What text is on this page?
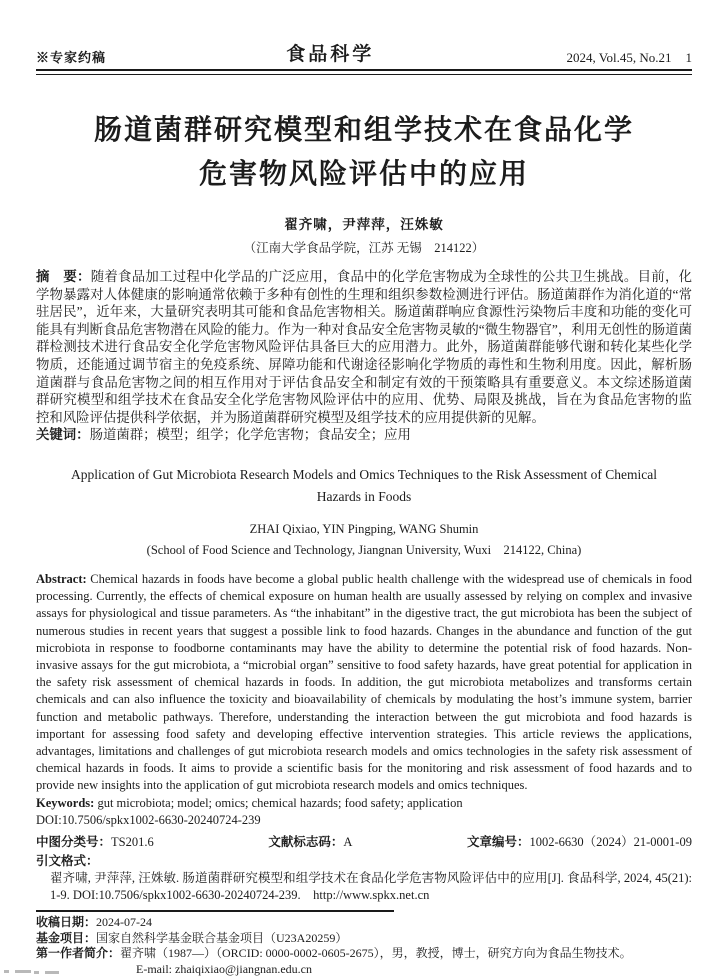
※专家约稿	食品科学	2024, Vol.45, No.21 1
肠道菌群研究模型和组学技术在食品化学
危害物风险评估中的应用
翟齐啸，尹萍萍，汪姝敏
（江南大学食品学院，江苏 无锡　214122）

摘　要：随着食品加工过程中化学品的广泛应用，食品中的化学危害物成为全球性的公共卫生挑战。目前，化学物暴露对人体健康的影响通常依赖于多种有创性的生理和组织参数检测进行评估。肠道菌群作为消化道的“常驻居民”，近年来，大量研究表明其可能和食品危害物相关。肠道菌群响应食源性污染物后丰度和功能的变化可能具有判断食品危害物潜在风险的能力。作为一种对食品安全危害物灵敏的“微生物器官”，利用无创性的肠道菌群检测技术进行食品安全化学危害物风险评估具备巨大的应用潜力。此外，肠道菌群能够代谢和转化某些化学物质，还能通过调节宿主的免疫系统、屏障功能和代谢途径影响化学物质的毒性和生物利用度。因此，解析肠道菌群与食品危害物之间的相互作用对于评估食品安全和制定有效的干预策略具有重要意义。本文综述肠道菌群研究模型和组学技术在食品安全化学危害物风险评估中的应用、优势、局限及挑战，旨在为食品危害物的监控和风险评估提供科学依据，并为肠道菌群研究模型及组学技术的应用提供新的见解。

关键词：肠道菌群；模型；组学；化学危害物；食品安全；应用

Application of Gut Microbiota Research Models and Omics Techniques to the Risk Assessment of Chemical Hazards in Foods
ZHAI Qixiao, YIN Pingping, WANG Shumin
(School of Food Science and Technology, Jiangnan University, Wuxi　214122, China)

Abstract: Chemical hazards in foods have become a global public health challenge with the widespread use of chemicals in food processing. Currently, the effects of chemical exposure on human health are usually assessed by relying on complex and invasive assays for physiological and tissue parameters. As “the inhabitant” in the digestive tract, the gut microbiota has been the subject of numerous studies in recent years that suggest a possible link to food hazards. Changes in the abundance and function of the gut microbiota in response to foodborne contaminants may have the ability to determine the potential risk of food hazards. Non-invasive assays for the gut microbiota, a “microbial organ” sensitive to food safety hazards, have great potential for application in the safety risk assessment of chemical hazards in foods. In addition, the gut microbiota metabolizes and transforms certain chemicals and can also influence the toxicity and bioavailability of chemicals by modulating the host’s immune system, barrier function and metabolic pathways. Therefore, understanding the interaction between the gut microbiota and food hazards is important for assessing food safety and developing effective intervention strategies. This article reviews the applications, advantages, limitations and challenges of gut microbiota research models and omics technologies in the safety risk assessment of chemical hazards in foods. It aims to provide a scientific basis for the monitoring and risk assessment of food hazards and to provide new insights into the application of gut microbiota research models and omics techniques.

Keywords: gut microbiota; model; omics; chemical hazards; food safety; application

DOI:10.7506/spkx1002-6630-20240724-239

中图分类号：TS201.6	文献标志码：A	文章编号：1002-6630（2024）21-0001-09
引文格式：

翟齐啸, 尹萍萍, 汪姝敏. 肠道菌群研究模型和组学技术在食品化学危害物风险评估中的应用[J]. 食品科学, 2024, 45(21): 1-9. DOI:10.7506/spkx1002-6630-20240724-239.　http://www.spkx.net.cn

收稿日期：2024-07-24
基金项目：国家自然科学基金联合基金项目（U23A20259）
第一作者简介：翟齐啸（1987—）（ORCID: 0000-0002-0605-2675），男，教授，博士，研究方向为食品生物技术。
E-mail: zhaiqixiao@jiangnan.edu.cn
